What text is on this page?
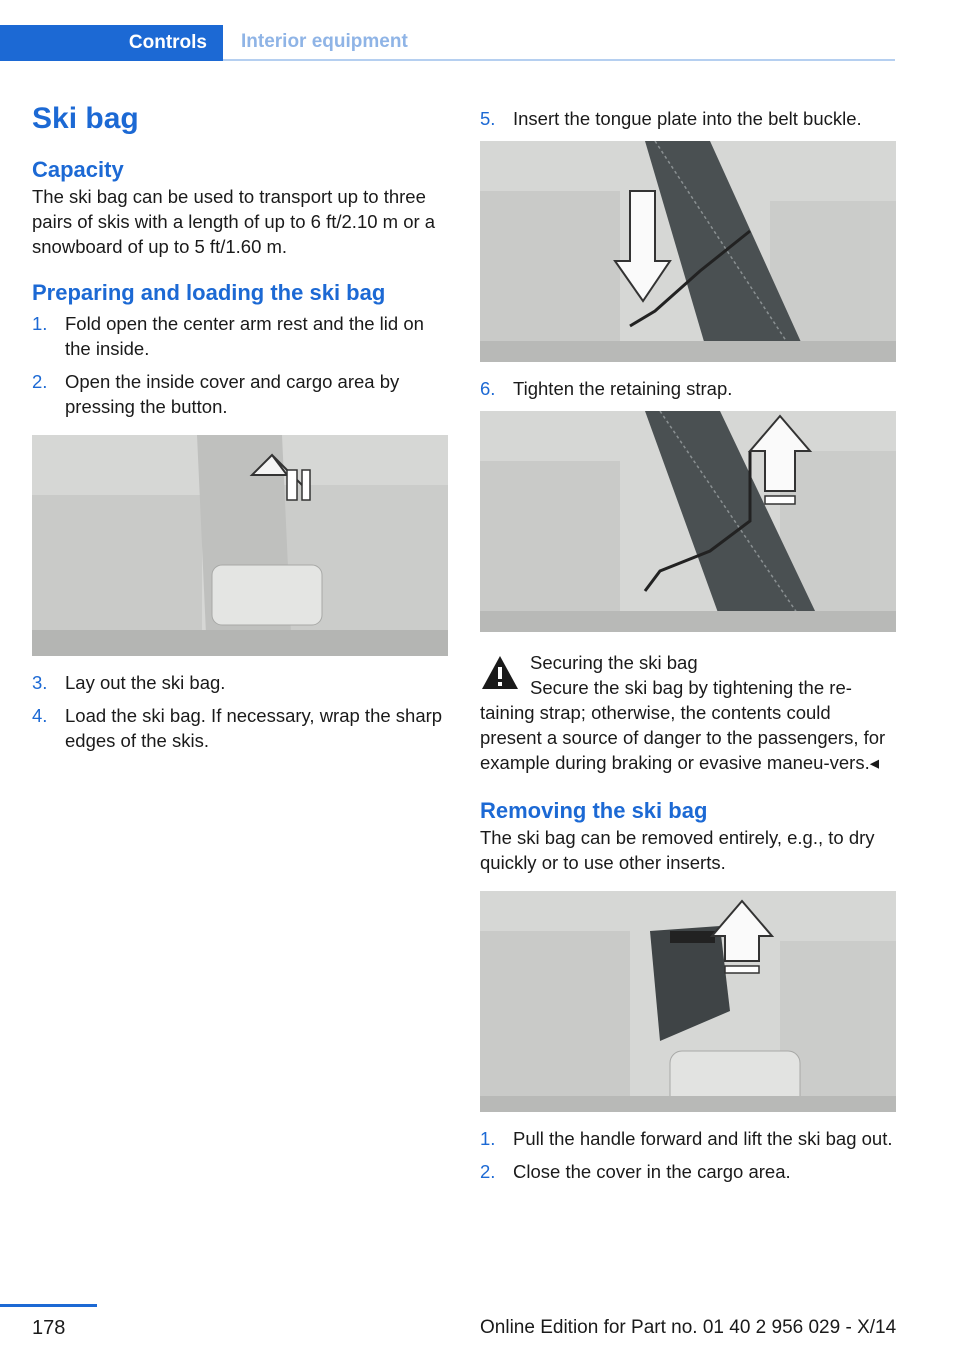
Controls	Interior equipment
Ski bag
Capacity

The ski bag can be used to transport up to three pairs of skis with a length of up to 6 ft/2.10 m or a snowboard of up to 5 ft/1.60 m.

Preparing and loading the ski bag
1. Fold open the center arm rest and the lid on the inside.
2. Open the inside cover and cargo area by pressing the button.
3. Lay out the ski bag.
4. Load the ski bag. If necessary, wrap the sharp edges of the skis.
5. Insert the tongue plate into the belt buckle.
6. Tighten the retaining strap.
Securing the ski bag
Secure the ski bag by tightening the re-
taining strap; otherwise, the contents could present a source of danger to the passengers, for example during braking or evasive maneu-vers.◂
Removing the ski bag

The ski bag can be removed entirely, e.g., to dry quickly or to use other inserts.

1. Pull the handle forward and lift the ski bag out.
2. Close the cover in the cargo area.
178	Online Edition for Part no. 01 40 2 956 029 - X/14
